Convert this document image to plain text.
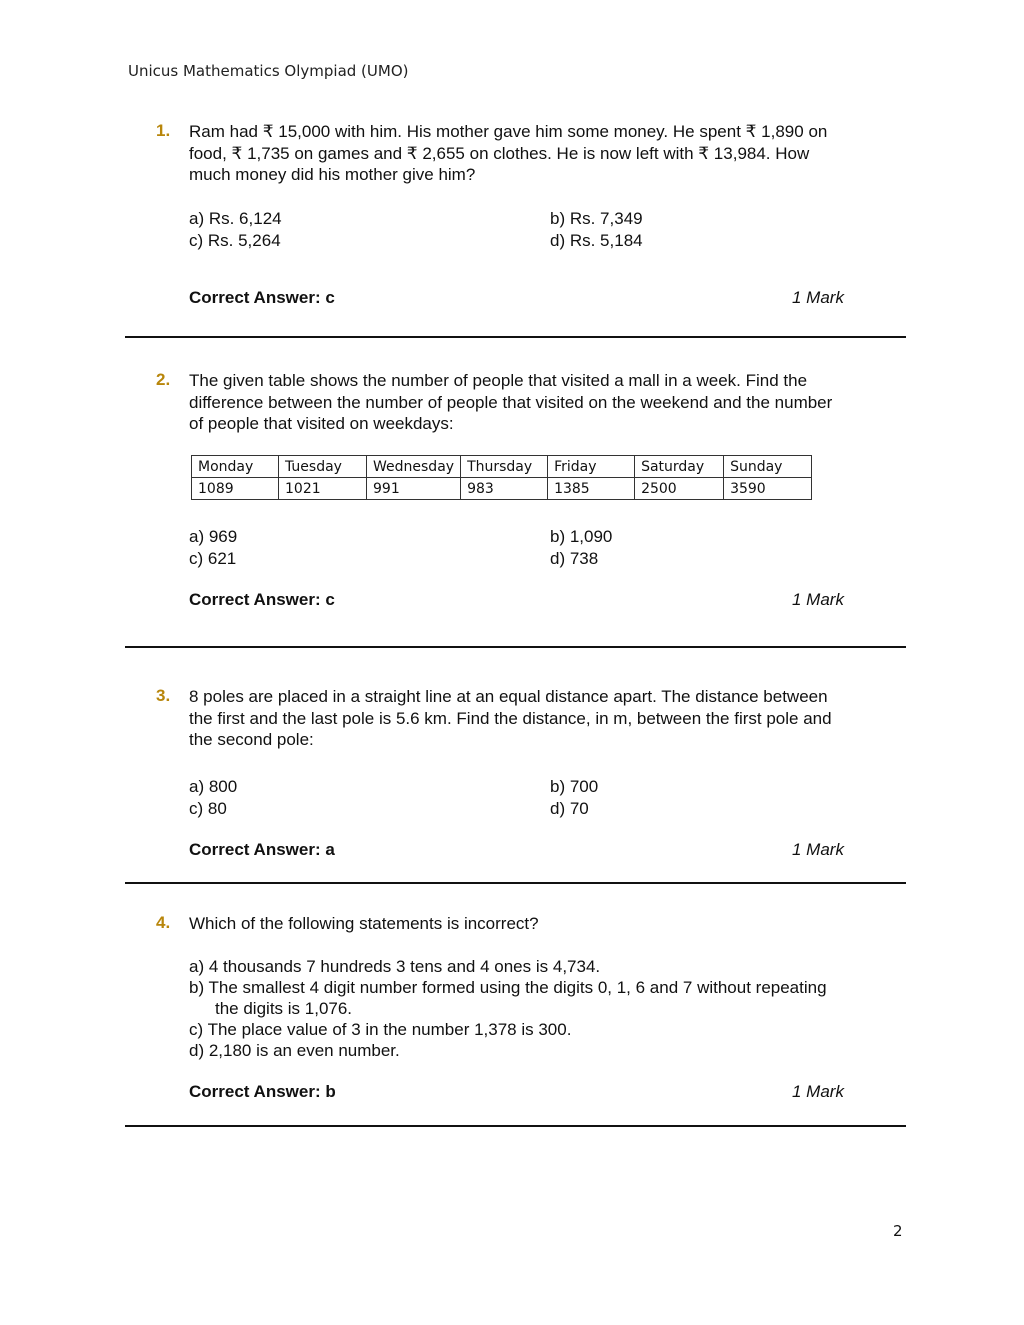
Unicus Mathematics Olympiad (UMO)
1. Ram had ₹ 15,000 with him. His mother gave him some money. He spent ₹ 1,890 on
food, ₹ 1,735 on games and ₹ 2,655 on clothes. He is now left with ₹ 13,984. How
much money did his mother give him?
a) Rs. 6,124	b) Rs. 7,349
c) Rs. 5,264	d) Rs. 5,184
Correct Answer: c	1 Mark
2. The given table shows the number of people that visited a mall in a week. Find the
difference between the number of people that visited on the weekend and the number
of people that visited on weekdays:
Monday	Tuesday	Wednesday	Thursday	Friday	Saturday	Sunday
1089	1021	991	983	1385	2500	3590
a) 969	b) 1,090
c) 621	d) 738
Correct Answer: c	1 Mark
3. 8 poles are placed in a straight line at an equal distance apart. The distance between
the first and the last pole is 5.6 km. Find the distance, in m, between the first pole and
the second pole:
a) 800	b) 700
c) 80	d) 70
Correct Answer: a	1 Mark
4. Which of the following statements is incorrect?
a) 4 thousands 7 hundreds 3 tens and 4 ones is 4,734.
b) The smallest 4 digit number formed using the digits 0, 1, 6 and 7 without repeating
the digits is 1,076.
c) The place value of 3 in the number 1,378 is 300.
d) 2,180 is an even number.
Correct Answer: b	1 Mark
2
